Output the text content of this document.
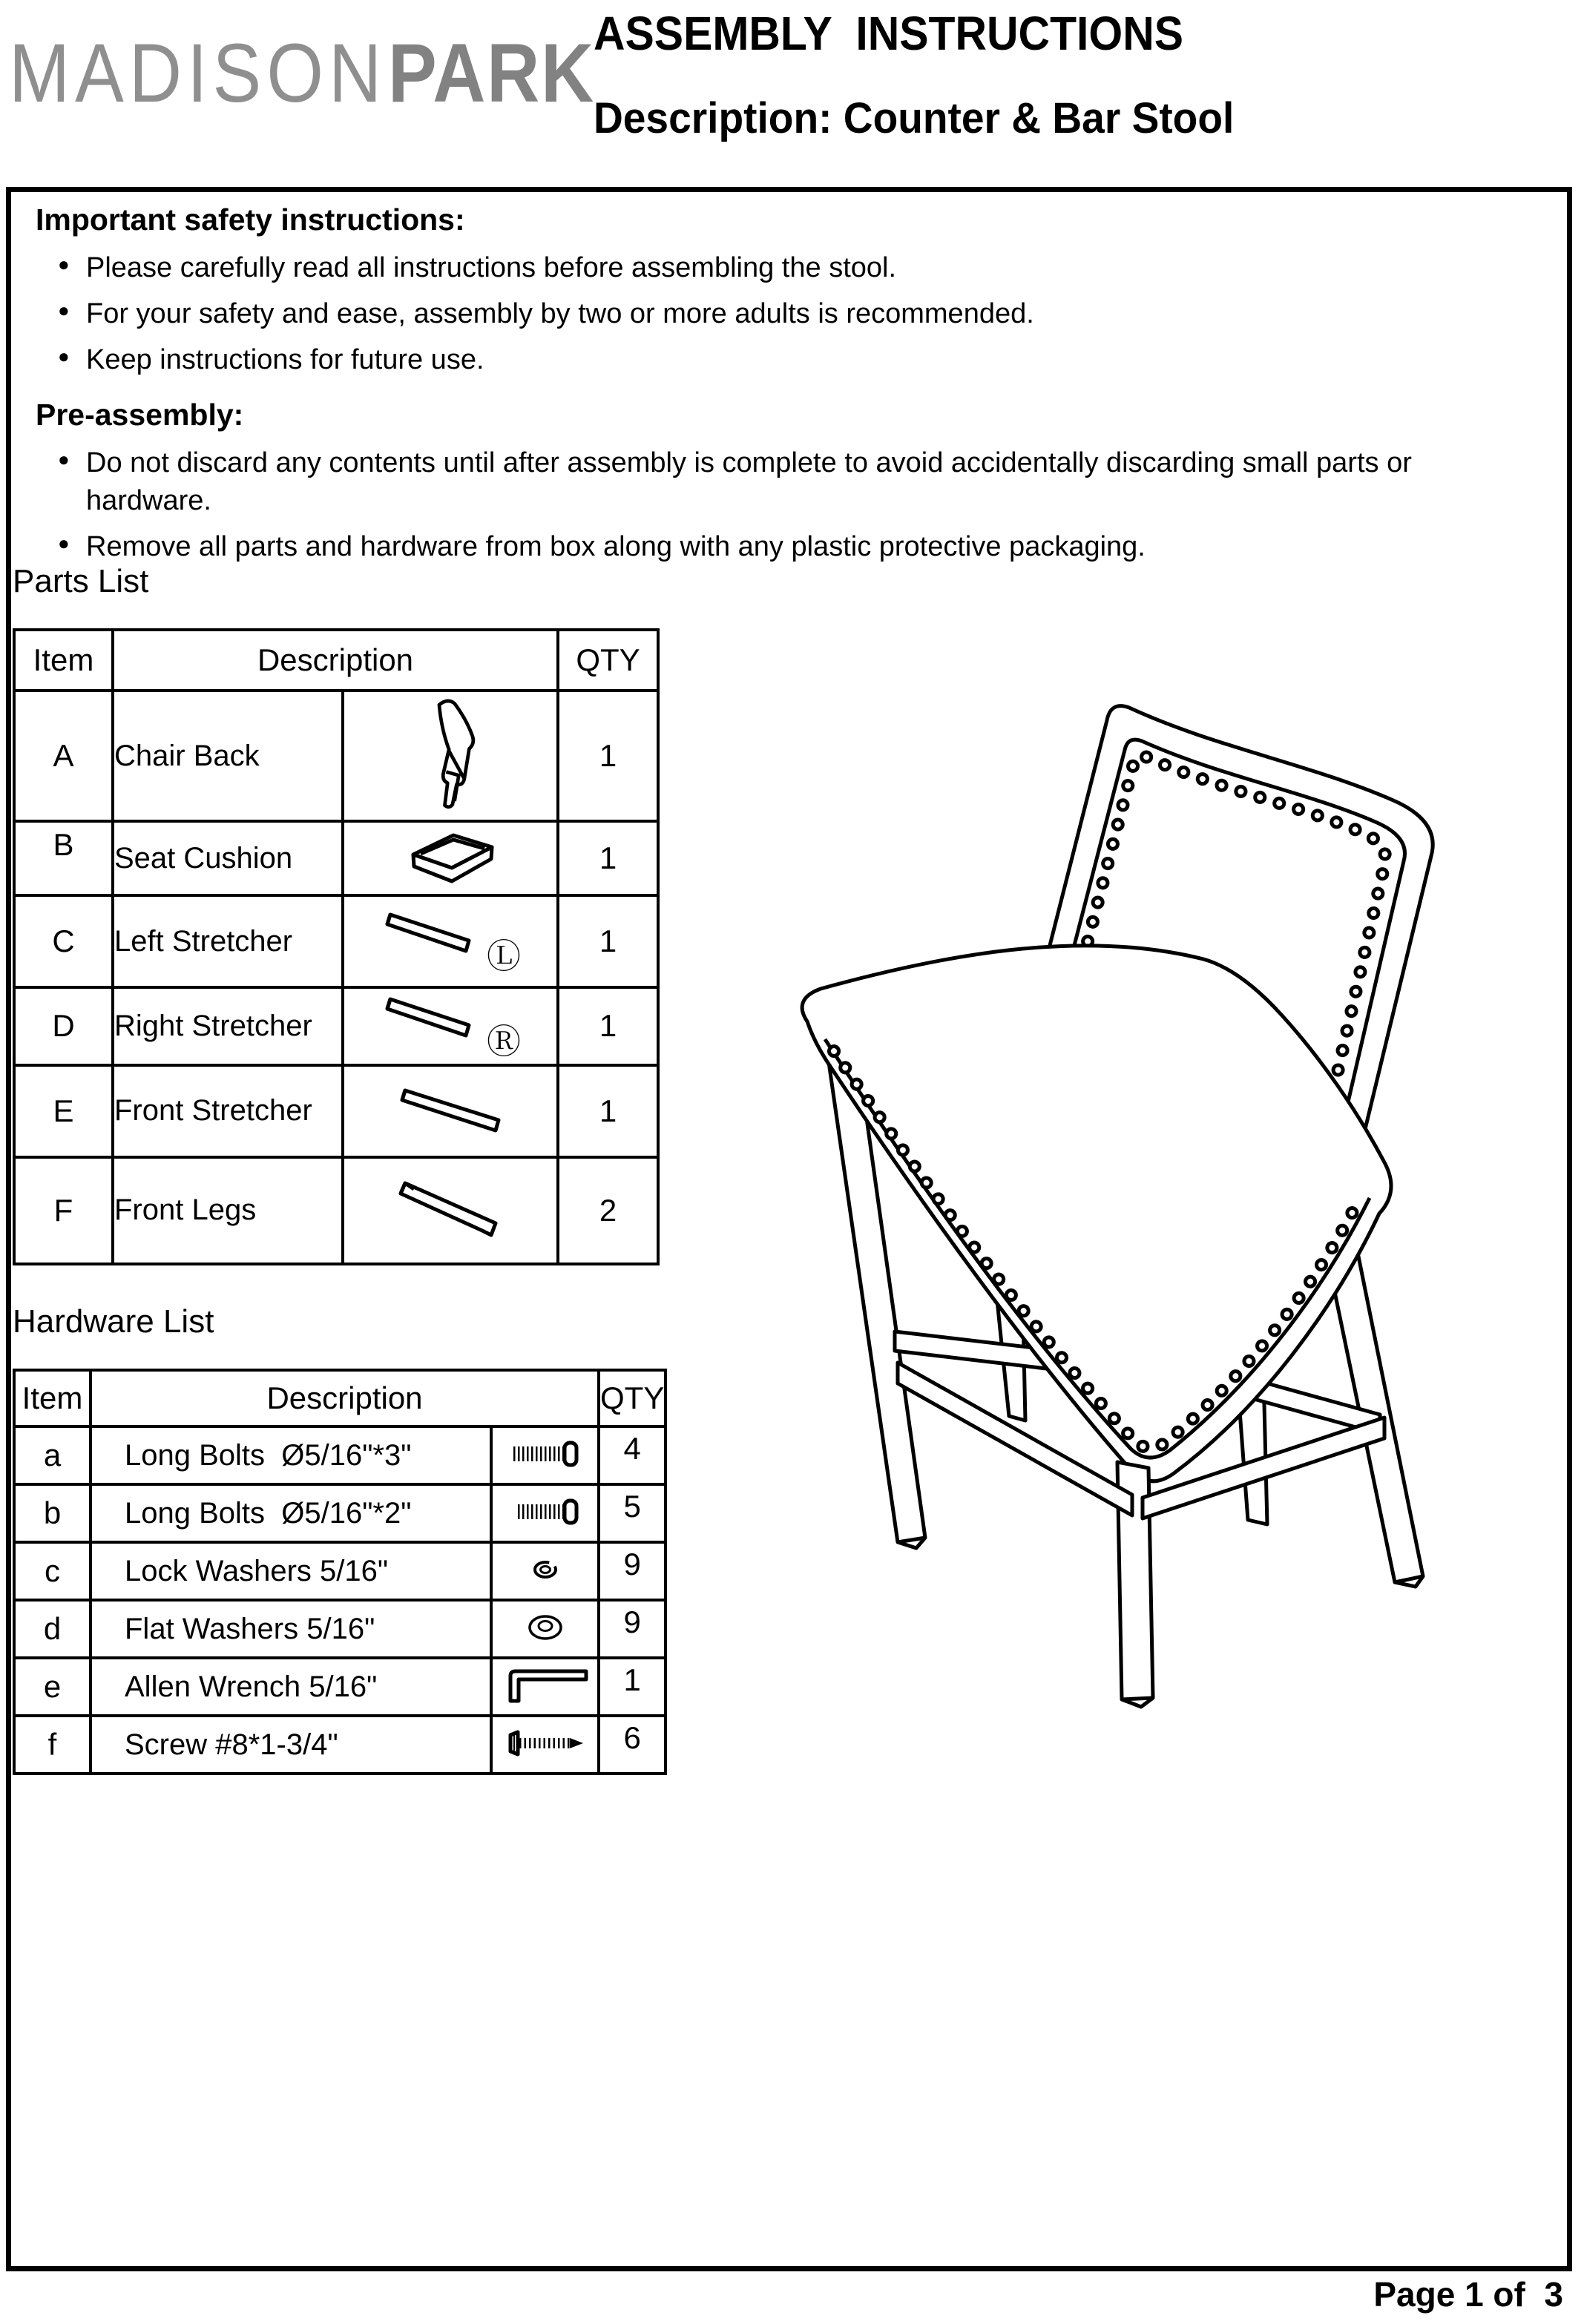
MADISONPARK
ASSEMBLY  INSTRUCTIONS
Description: Counter & Bar Stool
Important safety instructions:
● Please carefully read all instructions before assembling the stool.
● For your safety and ease, assembly by two or more adults is recommended.
● Keep instructions for future use.
Pre-assembly:
● Do not discard any contents until after assembly is complete to avoid accidentally discarding small parts or hardware.
● Remove all parts and hardware from box along with any plastic protective packaging.
Parts List
Item	Description		QTY
A	Chair Back		1
B	Seat Cushion		1
C	Left Stretcher	Ⓛ	1
D	Right Stretcher	Ⓡ	1
E	Front Stretcher		1
F	Front Legs		2
Hardware List
Item	Description		QTY
a	Long Bolts  Ø5/16"*3"		4
b	Long Bolts  Ø5/16"*2"		5
c	Lock Washers 5/16"		9
d	Flat Washers 5/16"		9
e	Allen Wrench 5/16"		1
f	Screw #8*1-3/4"		6
Page 1 of  3
